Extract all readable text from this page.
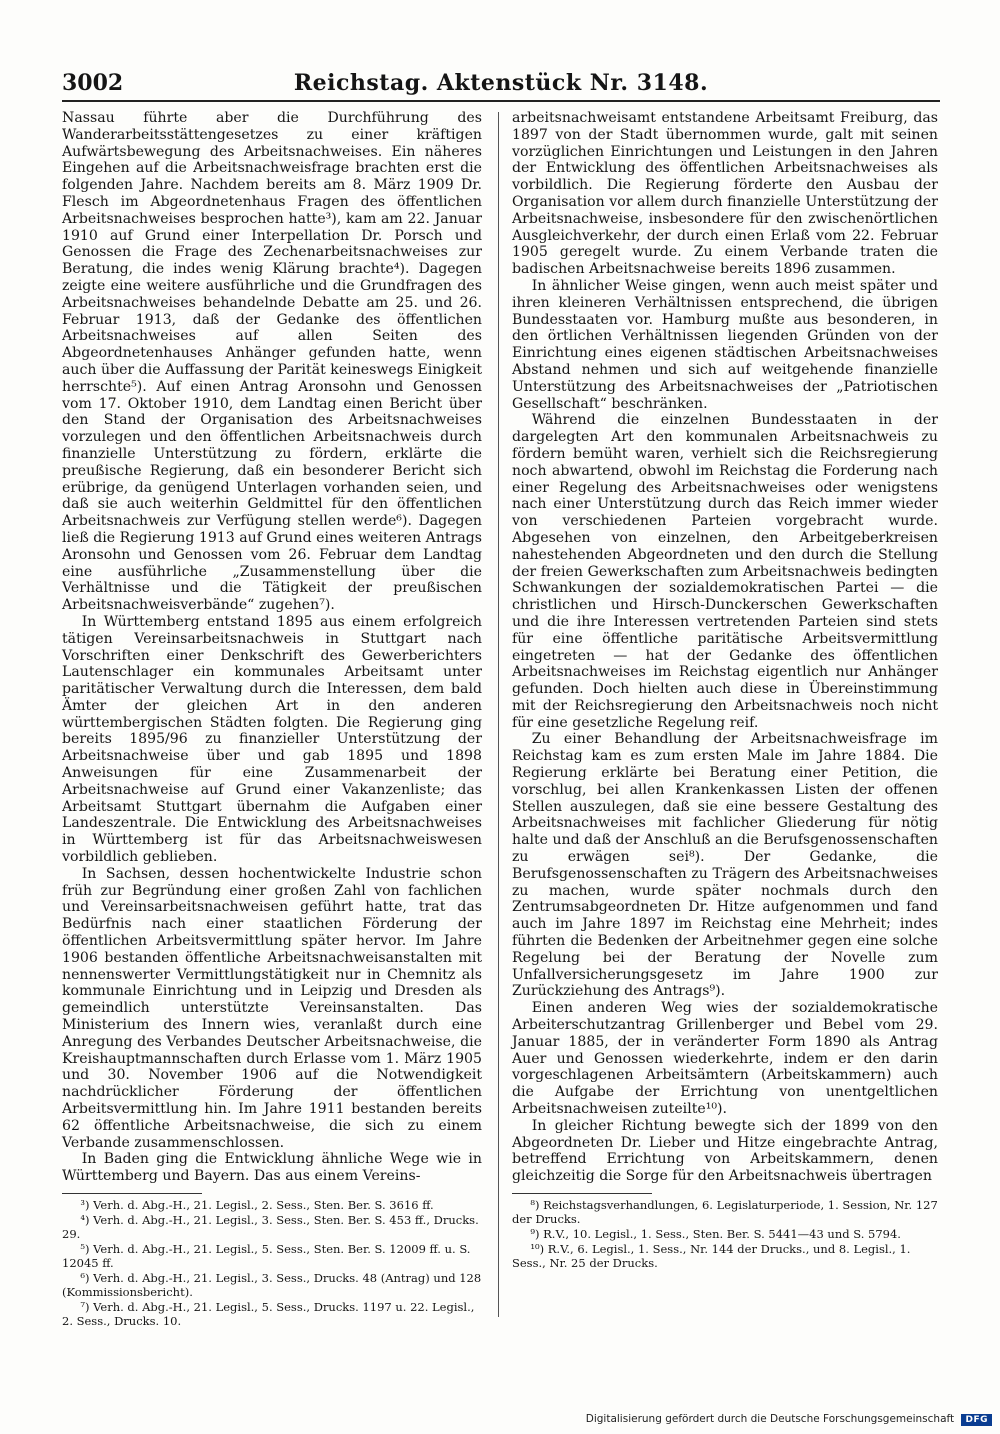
3002	Reichstag. Aktenstück Nr. 3148.

Nassau führte aber die Durchführung des Wanderarbeitsstättengesetzes zu einer kräftigen Aufwärtsbewegung des Arbeitsnachweises. Ein näheres Eingehen auf die Arbeitsnachweisfrage brachten erst die folgenden Jahre. Nachdem bereits am 8. März 1909 Dr. Flesch im Abgeordnetenhaus Fragen des öffentlichen Arbeitsnachweises besprochen hatte³), kam am 22. Januar 1910 auf Grund einer Interpellation Dr. Porsch und Genossen die Frage des Zechenarbeitsnachweises zur Beratung, die indes wenig Klärung brachte⁴). Dagegen zeigte eine weitere ausführliche und die Grundfragen des Arbeitsnachweises behandelnde Debatte am 25. und 26. Februar 1913, daß der Gedanke des öffentlichen Arbeitsnachweises auf allen Seiten des Abgeordnetenhauses Anhänger gefunden hatte, wenn auch über die Auffassung der Parität keineswegs Einigkeit herrschte⁵). Auf einen Antrag Aronsohn und Genossen vom 17. Oktober 1910, dem Landtag einen Bericht über den Stand der Organisation des Arbeitsnachweises vorzulegen und den öffentlichen Arbeitsnachweis durch finanzielle Unterstützung zu fördern, erklärte die preußische Regierung, daß ein besonderer Bericht sich erübrige, da genügend Unterlagen vorhanden seien, und daß sie auch weiterhin Geldmittel für den öffentlichen Arbeitsnachweis zur Verfügung stellen werde⁶). Dagegen ließ die Regierung 1913 auf Grund eines weiteren Antrags Aronsohn und Genossen vom 26. Februar dem Landtag eine ausführliche „Zusammenstellung über die Verhältnisse und die Tätigkeit der preußischen Arbeitsnachweisverbände“ zugehen⁷).

In Württemberg entstand 1895 aus einem erfolgreich tätigen Vereinsarbeitsnachweis in Stuttgart nach Vorschriften einer Denkschrift des Gewerberichters Lautenschlager ein kommunales Arbeitsamt unter paritätischer Verwaltung durch die Interessen, dem bald Ämter der gleichen Art in den anderen württembergischen Städten folgten. Die Regierung ging bereits 1895/96 zu finanzieller Unterstützung der Arbeitsnachweise über und gab 1895 und 1898 Anweisungen für eine Zusammenarbeit der Arbeitsnachweise auf Grund einer Vakanzenliste; das Arbeitsamt Stuttgart übernahm die Aufgaben einer Landeszentrale. Die Entwicklung des Arbeitsnachweises in Württemberg ist für das Arbeitsnachweiswesen vorbildlich geblieben.

In Sachsen, dessen hochentwickelte Industrie schon früh zur Begründung einer großen Zahl von fachlichen und Vereinsarbeitsnachweisen geführt hatte, trat das Bedürfnis nach einer staatlichen Förderung der öffentlichen Arbeitsvermittlung später hervor. Im Jahre 1906 bestanden öffentliche Arbeitsnachweisanstalten mit nennenswerter Vermittlungstätigkeit nur in Chemnitz als kommunale Einrichtung und in Leipzig und Dresden als gemeindlich unterstützte Vereinsanstalten. Das Ministerium des Innern wies, veranlaßt durch eine Anregung des Verbandes Deutscher Arbeitsnachweise, die Kreishauptmannschaften durch Erlasse vom 1. März 1905 und 30. November 1906 auf die Notwendigkeit nachdrücklicher Förderung der öffentlichen Arbeitsvermittlung hin. Im Jahre 1911 bestanden bereits 62 öffentliche Arbeitsnachweise, die sich zu einem Verbande zusammenschlossen.

In Baden ging die Entwicklung ähnliche Wege wie in Württemberg und Bayern. Das aus einem Vereins-

³) Verh. d. Abg.-H., 21. Legisl., 2. Sess., Sten. Ber. S. 3616 ff.

⁴) Verh. d. Abg.-H., 21. Legisl., 3. Sess., Sten. Ber. S. 453 ff., Drucks. 29.

⁵) Verh. d. Abg.-H., 21. Legisl., 5. Sess., Sten. Ber. S. 12009 ff. u. S. 12045 ff.

⁶) Verh. d. Abg.-H., 21. Legisl., 3. Sess., Drucks. 48 (Antrag) und 128 (Kommissionsbericht).

⁷) Verh. d. Abg.-H., 21. Legisl., 5. Sess., Drucks. 1197 u. 22. Legisl., 2. Sess., Drucks. 10.

arbeitsnachweisamt entstandene Arbeitsamt Freiburg, das 1897 von der Stadt übernommen wurde, galt mit seinen vorzüglichen Einrichtungen und Leistungen in den Jahren der Entwicklung des öffentlichen Arbeitsnachweises als vorbildlich. Die Regierung förderte den Ausbau der Organisation vor allem durch finanzielle Unterstützung der Arbeitsnachweise, insbesondere für den zwischenörtlichen Ausgleichverkehr, der durch einen Erlaß vom 22. Februar 1905 geregelt wurde. Zu einem Verbande traten die badischen Arbeitsnachweise bereits 1896 zusammen.

In ähnlicher Weise gingen, wenn auch meist später und ihren kleineren Verhältnissen entsprechend, die übrigen Bundesstaaten vor. Hamburg mußte aus besonderen, in den örtlichen Verhältnissen liegenden Gründen von der Einrichtung eines eigenen städtischen Arbeitsnachweises Abstand nehmen und sich auf weitgehende finanzielle Unterstützung des Arbeitsnachweises der „Patriotischen Gesellschaft“ beschränken.

Während die einzelnen Bundesstaaten in der dargelegten Art den kommunalen Arbeitsnachweis zu fördern bemüht waren, verhielt sich die Reichsregierung noch abwartend, obwohl im Reichstag die Forderung nach einer Regelung des Arbeitsnachweises oder wenigstens nach einer Unterstützung durch das Reich immer wieder von verschiedenen Parteien vorgebracht wurde. Abgesehen von einzelnen, den Arbeitgeberkreisen nahestehenden Abgeordneten und den durch die Stellung der freien Gewerkschaften zum Arbeitsnachweis bedingten Schwankungen der sozialdemokratischen Partei — die christlichen und Hirsch-Dunckerschen Gewerkschaften und die ihre Interessen vertretenden Parteien sind stets für eine öffentliche paritätische Arbeitsvermittlung eingetreten — hat der Gedanke des öffentlichen Arbeitsnachweises im Reichstag eigentlich nur Anhänger gefunden. Doch hielten auch diese in Übereinstimmung mit der Reichsregierung den Arbeitsnachweis noch nicht für eine gesetzliche Regelung reif.

Zu einer Behandlung der Arbeitsnachweisfrage im Reichstag kam es zum ersten Male im Jahre 1884. Die Regierung erklärte bei Beratung einer Petition, die vorschlug, bei allen Krankenkassen Listen der offenen Stellen auszulegen, daß sie eine bessere Gestaltung des Arbeitsnachweises mit fachlicher Gliederung für nötig halte und daß der Anschluß an die Berufsgenossenschaften zu erwägen sei⁸). Der Gedanke, die Berufsgenossenschaften zu Trägern des Arbeitsnachweises zu machen, wurde später nochmals durch den Zentrumsabgeordneten Dr. Hitze aufgenommen und fand auch im Jahre 1897 im Reichstag eine Mehrheit; indes führten die Bedenken der Arbeitnehmer gegen eine solche Regelung bei der Beratung der Novelle zum Unfallversicherungsgesetz im Jahre 1900 zur Zurückziehung des Antrags⁹).

Einen anderen Weg wies der sozialdemokratische Arbeiterschutzantrag Grillenberger und Bebel vom 29. Januar 1885, der in veränderter Form 1890 als Antrag Auer und Genossen wiederkehrte, indem er den darin vorgeschlagenen Arbeitsämtern (Arbeitskammern) auch die Aufgabe der Errichtung von unentgeltlichen Arbeitsnachweisen zuteilte¹⁰).

In gleicher Richtung bewegte sich der 1899 von den Abgeordneten Dr. Lieber und Hitze eingebrachte Antrag, betreffend Errichtung von Arbeitskammern, denen gleichzeitig die Sorge für den Arbeitsnachweis übertragen

⁸) Reichstagsverhandlungen, 6. Legislaturperiode, 1. Session, Nr. 127 der Drucks.

⁹) R.V., 10. Legisl., 1. Sess., Sten. Ber. S. 5441—43 und S. 5794.

¹⁰) R.V., 6. Legisl., 1. Sess., Nr. 144 der Drucks., und 8. Legisl., 1. Sess., Nr. 25 der Drucks.

Digitalisierung gefördert durch die Deutsche Forschungsgemeinschaft DFG
